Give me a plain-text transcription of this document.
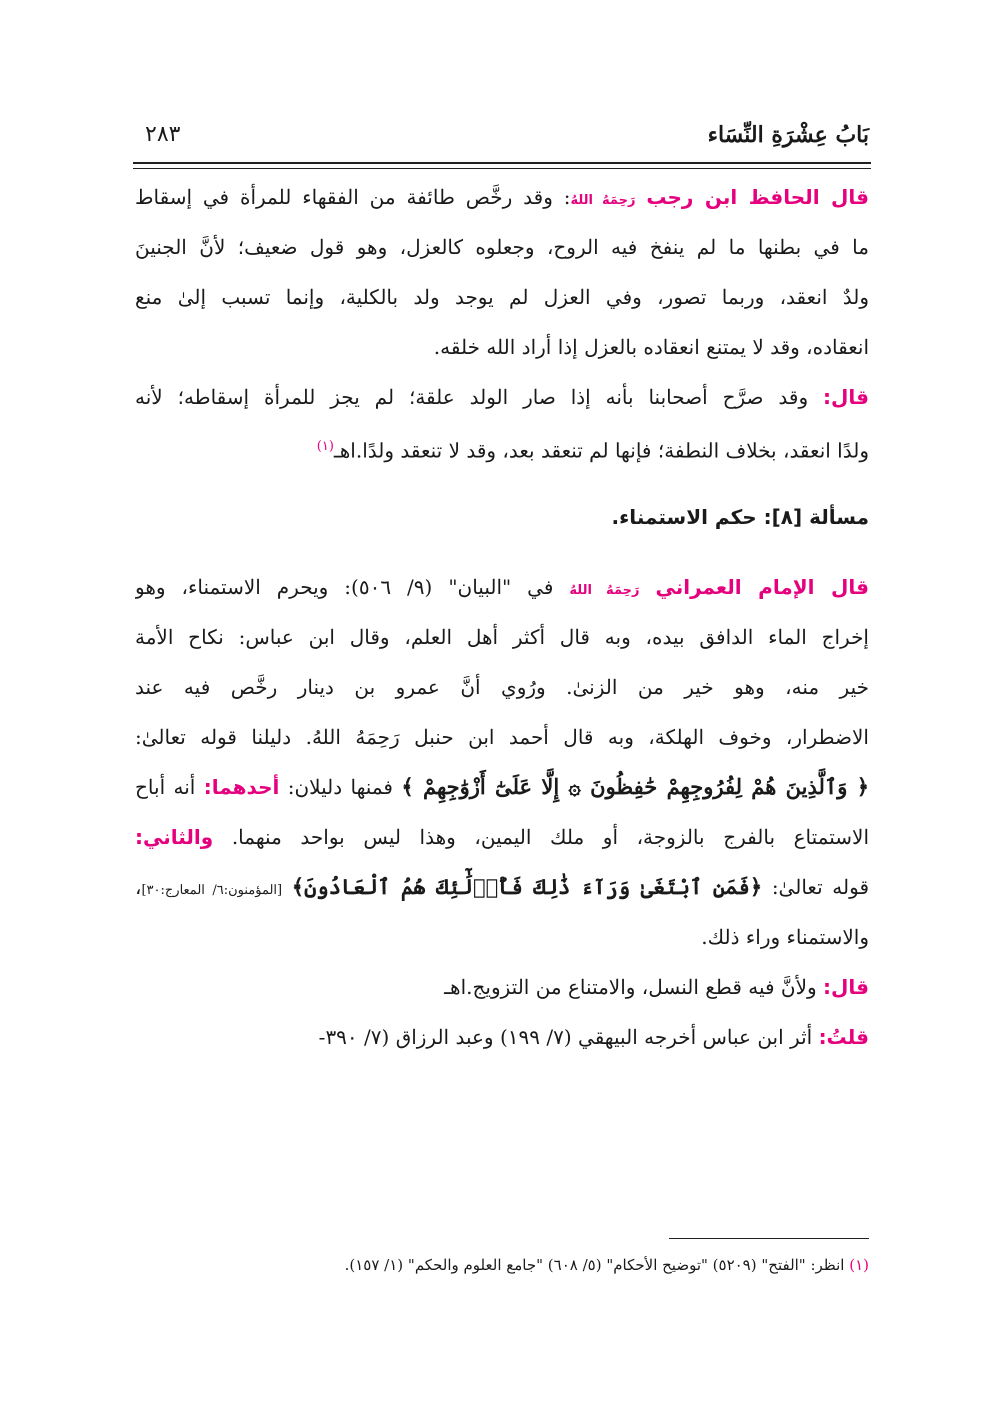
بَابُ عِشْرَةِ النِّسَاء
٢٨٣
قال الحافظ ابن رجب رَحِمَهُ اللهُ: وقد رخَّص طائفة من الفقهاء للمرأة في إسقاط
ما في بطنها ما لم ينفخ فيه الروح، وجعلوه كالعزل، وهو قول ضعيف؛ لأنَّ الجنينَ
ولدٌ انعقد، وربما تصور، وفي العزل لم يوجد ولد بالكلية، وإنما تسبب إلىٰ منع
انعقاده، وقد لا يمتنع انعقاده بالعزل إذا أراد الله خلقه.
قال: وقد صرَّح أصحابنا بأنه إذا صار الولد علقة؛ لم يجز للمرأة إسقاطه؛ لأنه
ولدًا انعقد، بخلاف النطفة؛ فإنها لم تنعقد بعد، وقد لا تنعقد ولدًا.اهـ$^{(١)}$
مسألة [٨]: حكم الاستمناء.
قال الإمام العمراني رَحِمَهُ اللهُ في "البيان" (٩/ ٥٠٦): ويحرم الاستمناء، وهو
إخراج الماء الدافق بيده، وبه قال أكثر أهل العلم، وقال ابن عباس: نكاح الأمة
خير منه، وهو خير من الزنىٰ. ورُوي أنَّ عمرو بن دينار رخَّص فيه عند
الاضطرار، وخوف الهلكة، وبه قال أحمد ابن حنبل رَحِمَهُ اللهُ. دليلنا قوله تعالىٰ:
﴿ وَٱلَّذِينَ هُمْ لِفُرُوجِهِمْ حَٰفِظُونَ ۞ إِلَّا عَلَىٰٓ أَزْوَٰجِهِمْ ﴾ فمنها دليلان: أحدهما: أنه أباح
الاستمتاع بالفرج بالزوجة، أو ملك اليمين، وهذا ليس بواحد منهما. والثاني:
قوله تعالىٰ: ﴿فَمَنِ ٱبْتَغَىٰ وَرَآءَ ذَٰلِكَ فَأُو۟لَٰٓئِكَ هُمُ ٱلْعَادُونَ﴾ [المؤمنون:٦/ المعارج:٣٠]،
والاستمناء وراء ذلك.
قال: ولأنَّ فيه قطع النسل، والامتناع من التزويج.اهـ
قلتُ: أثر ابن عباس أخرجه البيهقي (٧/ ١٩٩) وعبد الرزاق (٧/ ٣٩٠-
(١) انظر: "الفتح" (٥٢٠٩) "توضيح الأحكام" (٥/ ٦٠٨) "جامع العلوم والحكم" (١/ ١٥٧).
